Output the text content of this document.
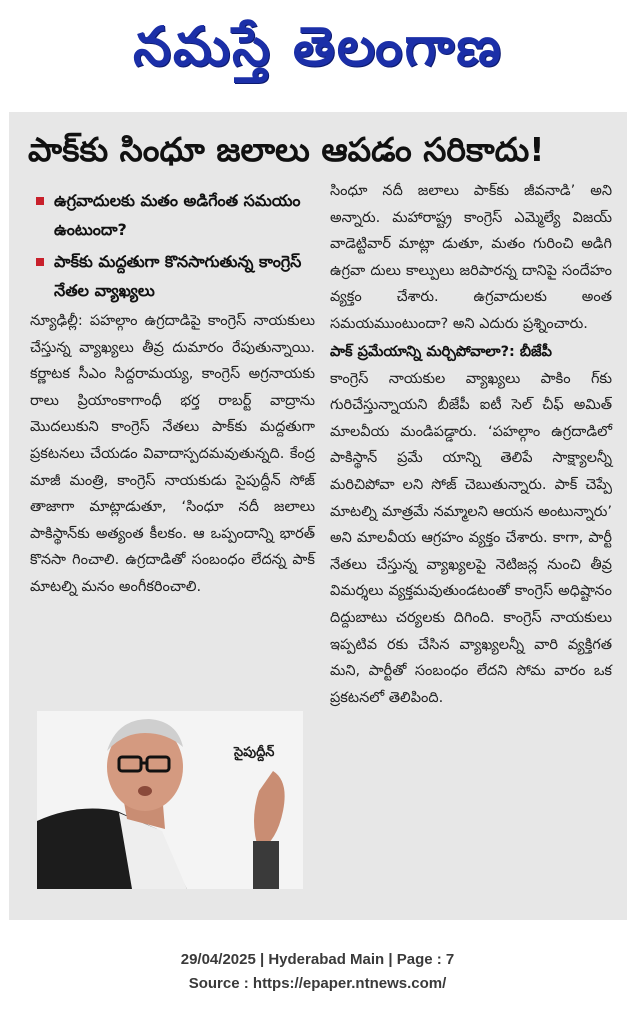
నమస్తే తెలంగాణ
పాక్‌కు సింధూ జలాలు ఆపడం సరికాదు!
ఉగ్రవాదులకు మతం అడిగేంత సమయం ఉంటుందా?
పాక్‌కు మద్దతుగా కొనసాగుతున్న కాంగ్రెస్‌ నేతల వ్యాఖ్యలు

న్యూఢిల్లీ: పహల్గాం ఉగ్రదాడిపై కాంగ్రెస్‌ నాయకులు చేస్తున్న వ్యాఖ్యలు తీవ్ర దుమారం రేపుతున్నాయి. కర్ణాటక సీఎం సిద్దరామయ్య, కాంగ్రెస్‌ అగ్రనాయకు రాలు ప్రియాంకాగాంధీ భర్త రాబర్ట్‌ వాద్రాను మొదలుకుని కాంగ్రెస్‌ నేతలు పాక్‌కు మద్దతుగా ప్రకటనలు చేయడం వివాదాస్పదమవుతున్నది. కేంద్ర మాజీ మంత్రి, కాంగ్రెస్‌ నాయకుడు సైపుద్దీన్‌ సోజ్‌ తాజాగా మాట్లాడుతూ, ‘సింధూ నదీ జలాలు పాకిస్థాన్‌కు అత్యంత కీలకం. ఆ ఒప్పందాన్ని భారత్‌ కొనసా గించాలి. ఉగ్రదాడితో సంబంధం లేదన్న పాక్‌ మాటల్ని మనం అంగీకరించాలి.

సైపుద్దీన్‌

సింధూ నదీ జలాలు పాక్‌కు జీవనాడి’ అని అన్నారు. మహారాష్ట్ర కాంగ్రెస్‌ ఎమ్మెల్యే విజయ్‌ వాడెట్టివార్‌ మాట్లా డుతూ, మతం గురించి అడిగి ఉగ్రవా దులు కాల్పులు జరిపారన్న దానిపై సందేహం వ్యక్తం చేశారు. ఉగ్రవాదులకు అంత సమయముంటుందా? అని ఎదురు ప్రశ్నించారు.

పాక్‌ ప్రమేయాన్ని మర్చిపోవాలా?: బీజేపీ

కాంగ్రెస్‌ నాయకుల వ్యాఖ్యలు పాకిం గ్‌కు గురిచేస్తున్నాయని బీజేపీ ఐటీ సెల్‌ చీఫ్‌ అమిత్‌ మాలవీయ మండిపడ్డారు. ‘పహల్గాం ఉగ్రదాడిలో పాకిస్థాన్‌ ప్రమే యాన్ని తెలిపే సాక్ష్యాలన్నీ మరిచిపోవా లని సోజ్‌ చెబుతున్నారు. పాక్‌ చెప్పే మాటల్ని మాత్రమే నమ్మాలని ఆయన అంటున్నారు’ అని మాలవీయ ఆగ్రహం వ్యక్తం చేశారు. కాగా, పార్టీ నేతలు చేస్తున్న వ్యాఖ్యలపై నెటిజన్ల నుంచి తీవ్ర విమర్శలు వ్యక్తమవుతుండటంతో కాంగ్రెస్‌ అధిష్టానం దిద్దుబాటు చర్యలకు దిగింది. కాంగ్రెస్‌ నాయకులు ఇప్పటివ రకు చేసిన వ్యాఖ్యలన్నీ వారి వ్యక్తిగత మని, పార్టీతో సంబంధం లేదని సోమ వారం ఒక ప్రకటనలో తెలిపింది.

29/04/2025 | Hyderabad Main | Page : 7
Source : https://epaper.ntnews.com/
